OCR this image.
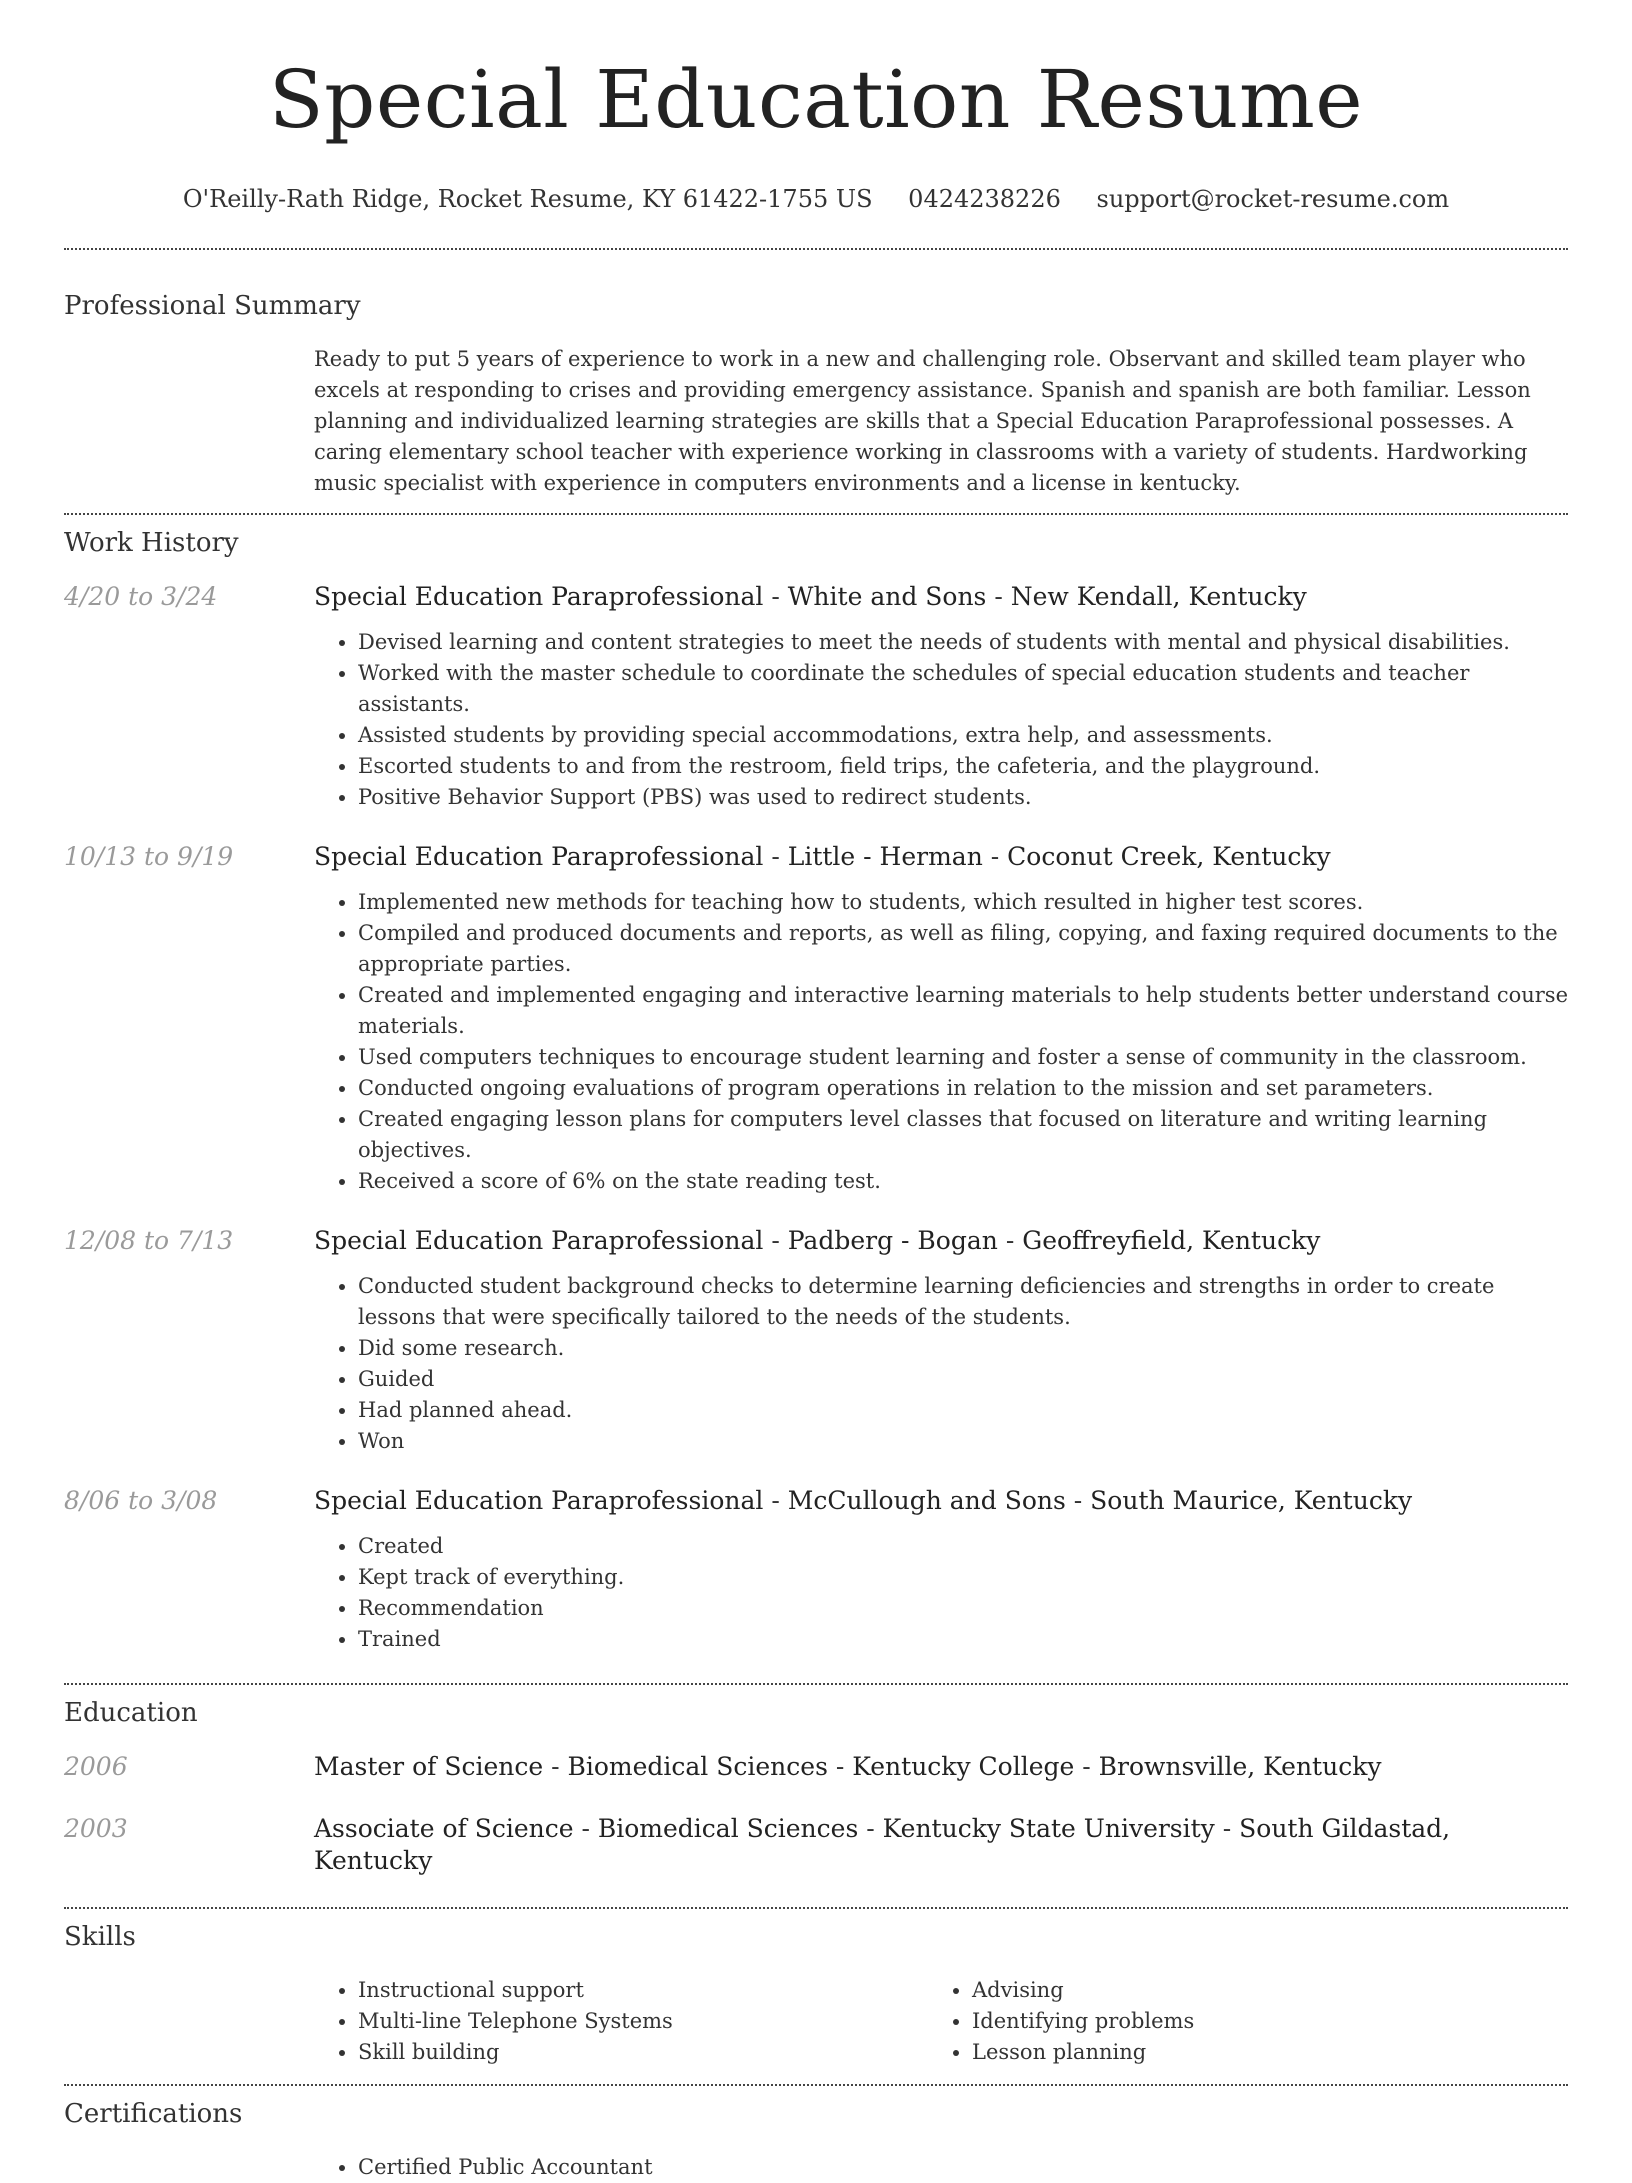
Special Education Resume
O'Reilly-Rath Ridge, Rocket Resume, KY 61422-1755 US 0424238226 support@rocket-resume.com
Professional Summary
Ready to put 5 years of experience to work in a new and challenging role. Observant and skilled team player who excels at responding to crises and providing emergency assistance. Spanish and spanish are both familiar. Lesson planning and individualized learning strategies are skills that a Special Education Paraprofessional possesses. A caring elementary school teacher with experience working in classrooms with a variety of students. Hardworking music specialist with experience in computers environments and a license in kentucky.
Work History
4/20 to 3/24	Special Education Paraprofessional - White and Sons - New Kendall, Kentucky
• Devised learning and content strategies to meet the needs of students with mental and physical disabilities.
• Worked with the master schedule to coordinate the schedules of special education students and teacher assistants.
• Assisted students by providing special accommodations, extra help, and assessments.
• Escorted students to and from the restroom, field trips, the cafeteria, and the playground.
• Positive Behavior Support (PBS) was used to redirect students.
10/13 to 9/19	Special Education Paraprofessional - Little - Herman - Coconut Creek, Kentucky
• Implemented new methods for teaching how to students, which resulted in higher test scores.
• Compiled and produced documents and reports, as well as filing, copying, and faxing required documents to the appropriate parties.
• Created and implemented engaging and interactive learning materials to help students better understand course materials.
• Used computers techniques to encourage student learning and foster a sense of community in the classroom.
• Conducted ongoing evaluations of program operations in relation to the mission and set parameters.
• Created engaging lesson plans for computers level classes that focused on literature and writing learning objectives.
• Received a score of 6% on the state reading test.
12/08 to 7/13	Special Education Paraprofessional - Padberg - Bogan - Geoffreyfield, Kentucky
• Conducted student background checks to determine learning deficiencies and strengths in order to create lessons that were specifically tailored to the needs of the students.
• Did some research.
• Guided
• Had planned ahead.
• Won
8/06 to 3/08	Special Education Paraprofessional - McCullough and Sons - South Maurice, Kentucky
• Created
• Kept track of everything.
• Recommendation
• Trained
Education
2006	Master of Science - Biomedical Sciences - Kentucky College - Brownsville, Kentucky
2003	Associate of Science - Biomedical Sciences - Kentucky State University - South Gildastad, Kentucky
Skills
• Instructional support
• Multi-line Telephone Systems
• Skill building
• Advising
• Identifying problems
• Lesson planning
Certifications
• Certified Public Accountant
